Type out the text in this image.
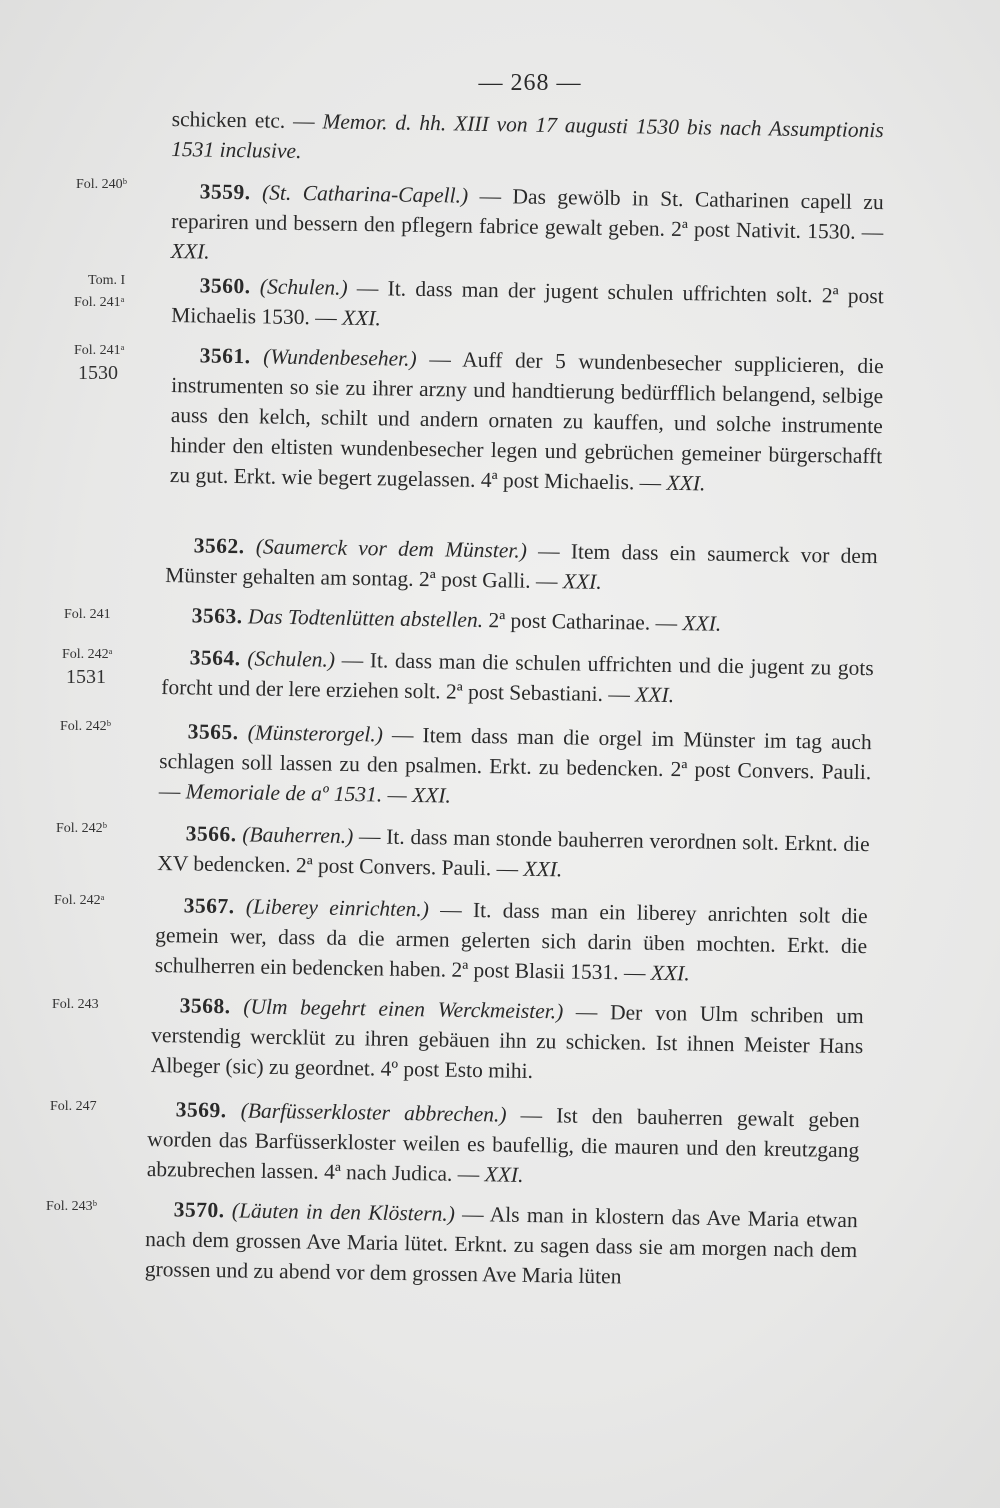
— 268 —

schicken etc. — Memor. d. hh. XIII von 17 augusti 1530 bis nach Assumptionis 1531 inclusive.

Fol. 240ᵇ
Tom. I
Fol. 241ᵃ
Fol. 241ᵃ
1530
Fol. 241
Fol. 242ᵃ
1531
Fol. 242ᵇ
Fol. 242ᵇ
Fol. 242ᵃ
Fol. 243
Fol. 247
Fol. 243ᵇ

3559. (St. Catharina-Capell.) — Das gewölb in St. Catharinen capell zu repariren und bessern den pflegern fabrice gewalt geben. 2ª post Nativit. 1530. — XXI.

3560. (Schulen.) — It. dass man der jugent schulen uffrichten solt. 2ª post Michaelis 1530. — XXI.

3561. (Wundenbeseher.) — Auff der 5 wundenbesecher supplicieren, die instrumenten so sie zu ihrer arzny und handtierung bedürfflich belangend, selbige auss den kelch, schilt und andern ornaten zu kauffen, und solche instrumente hinder den eltisten wundenbesecher legen und gebrüchen gemeiner bürgerschafft zu gut. Erkt. wie begert zugelassen. 4ª post Michaelis. — XXI.

3562. (Saumerck vor dem Münster.) — Item dass ein saumerck vor dem Münster gehalten am sontag. 2ª post Galli. — XXI.

3563. Das Todtenlütten abstellen. 2ª post Catharinae. — XXI.

3564. (Schulen.) — It. dass man die schulen uffrichten und die jugent zu gots forcht und der lere erziehen solt. 2ª post Sebastiani. — XXI.

3565. (Münsterorgel.) — Item dass man die orgel im Münster im tag auch schlagen soll lassen zu den psalmen. Erkt. zu bedencken. 2ª post Convers. Pauli. — Memoriale de aº 1531. — XXI.

3566. (Bauherren.) — It. dass man stonde bauherren verordnen solt. Erknt. die XV bedencken. 2ª post Convers. Pauli. — XXI.

3567. (Liberey einrichten.) — It. dass man ein liberey anrichten solt die gemein wer, dass da die armen gelerten sich darin üben mochten. Erkt. die schulherren ein bedencken haben. 2ª post Blasii 1531. — XXI.

3568. (Ulm begehrt einen Werckmeister.) — Der von Ulm schriben um verstendig wercklüt zu ihren gebäuen ihn zu schicken. Ist ihnen Meister Hans Albeger (sic) zu geordnet. 4º post Esto mihi.

3569. (Barfüsserkloster abbrechen.) — Ist den bauherren gewalt geben worden das Barfüsserkloster weilen es baufellig, die mauren und den kreutzgang abzubrechen lassen. 4ª nach Judica. — XXI.

3570. (Läuten in den Klöstern.) — Als man in klostern das Ave Maria etwan nach dem grossen Ave Maria lütet. Erknt. zu sagen dass sie am morgen nach dem grossen und zu abend vor dem grossen Ave Maria lüten
